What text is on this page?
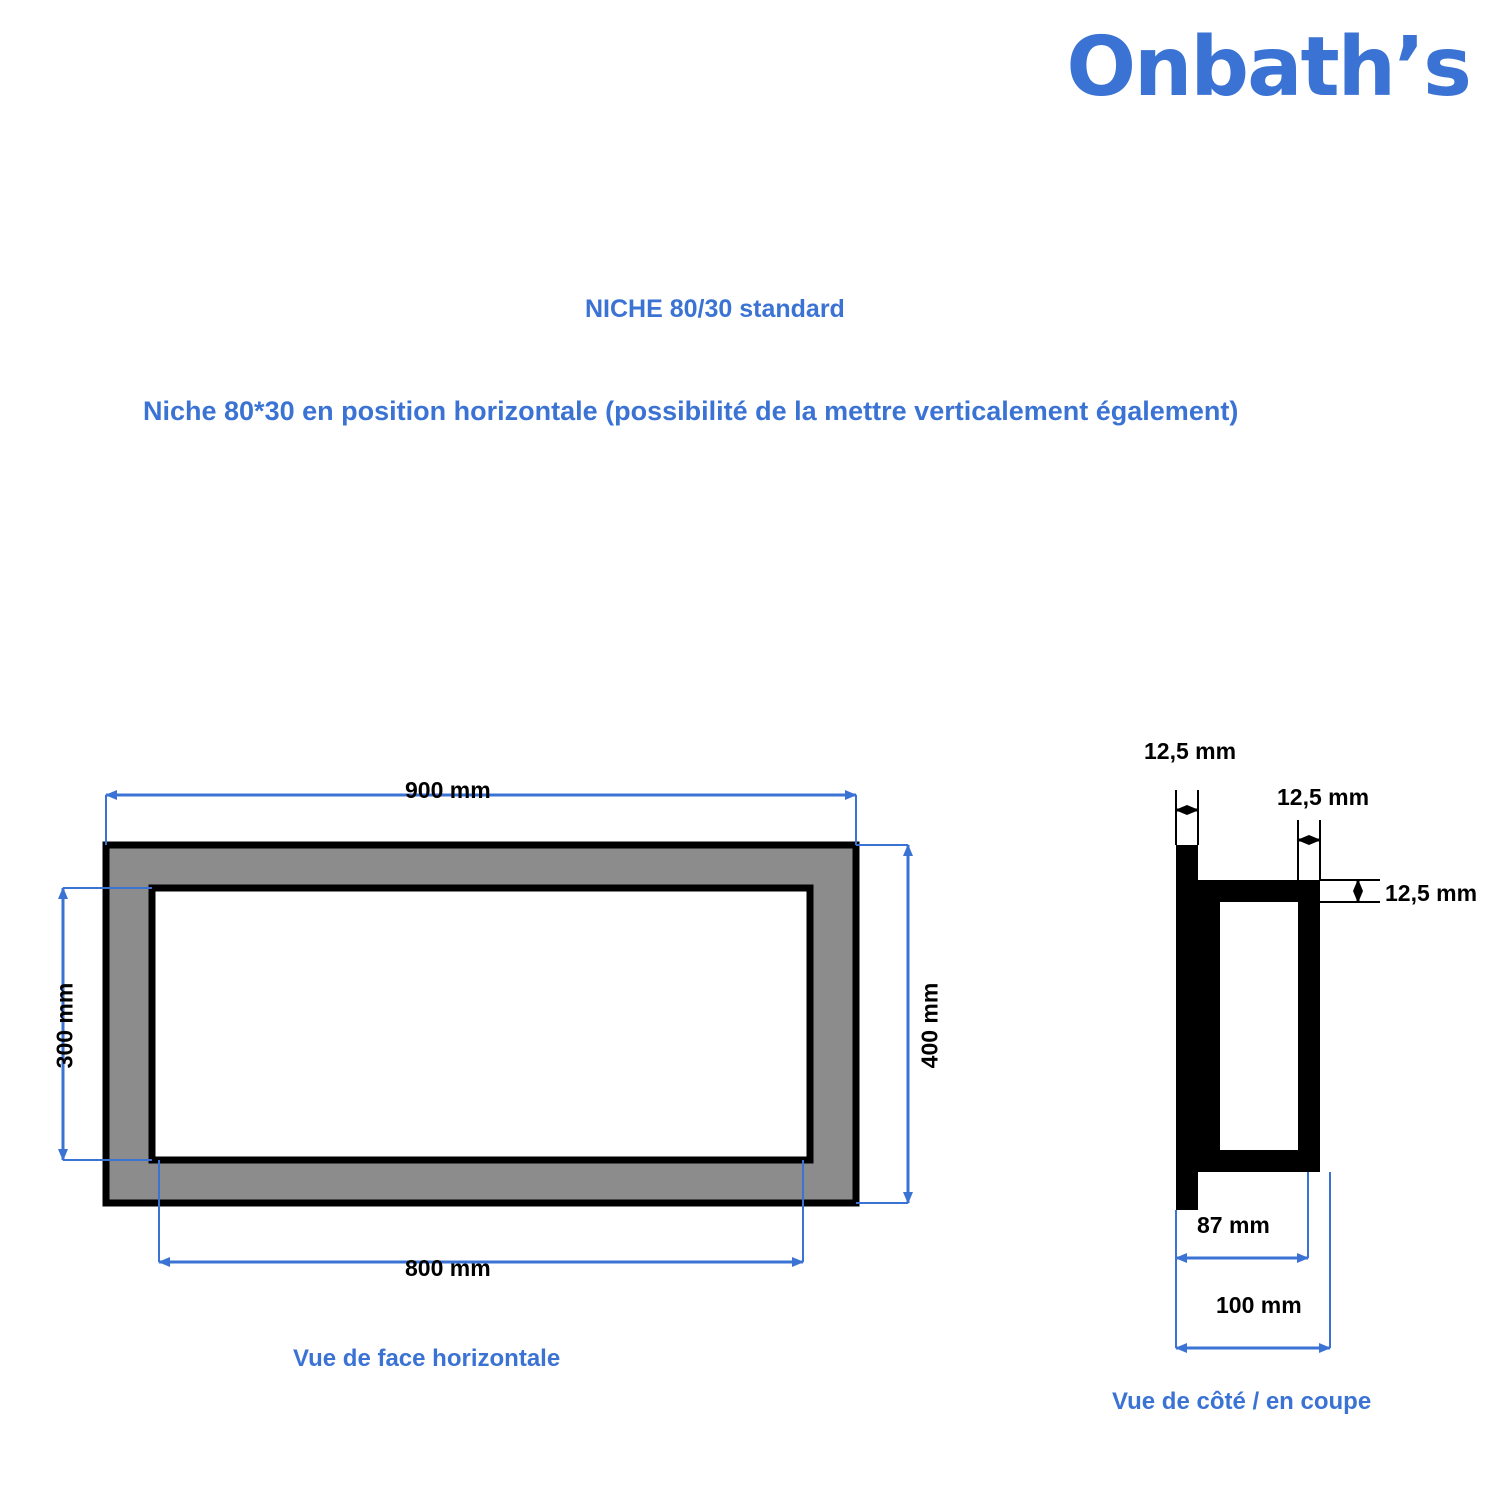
Onbath’s
NICHE 80/30 standard
Niche 80*30 en position horizontale (possibilité de la mettre verticalement également)
900 mm
800 mm
300 mm	400 mm
Vue de face horizontale
12,5 mm
12,5 mm
12,5 mm
87 mm
100 mm
Vue de côté / en coupe
